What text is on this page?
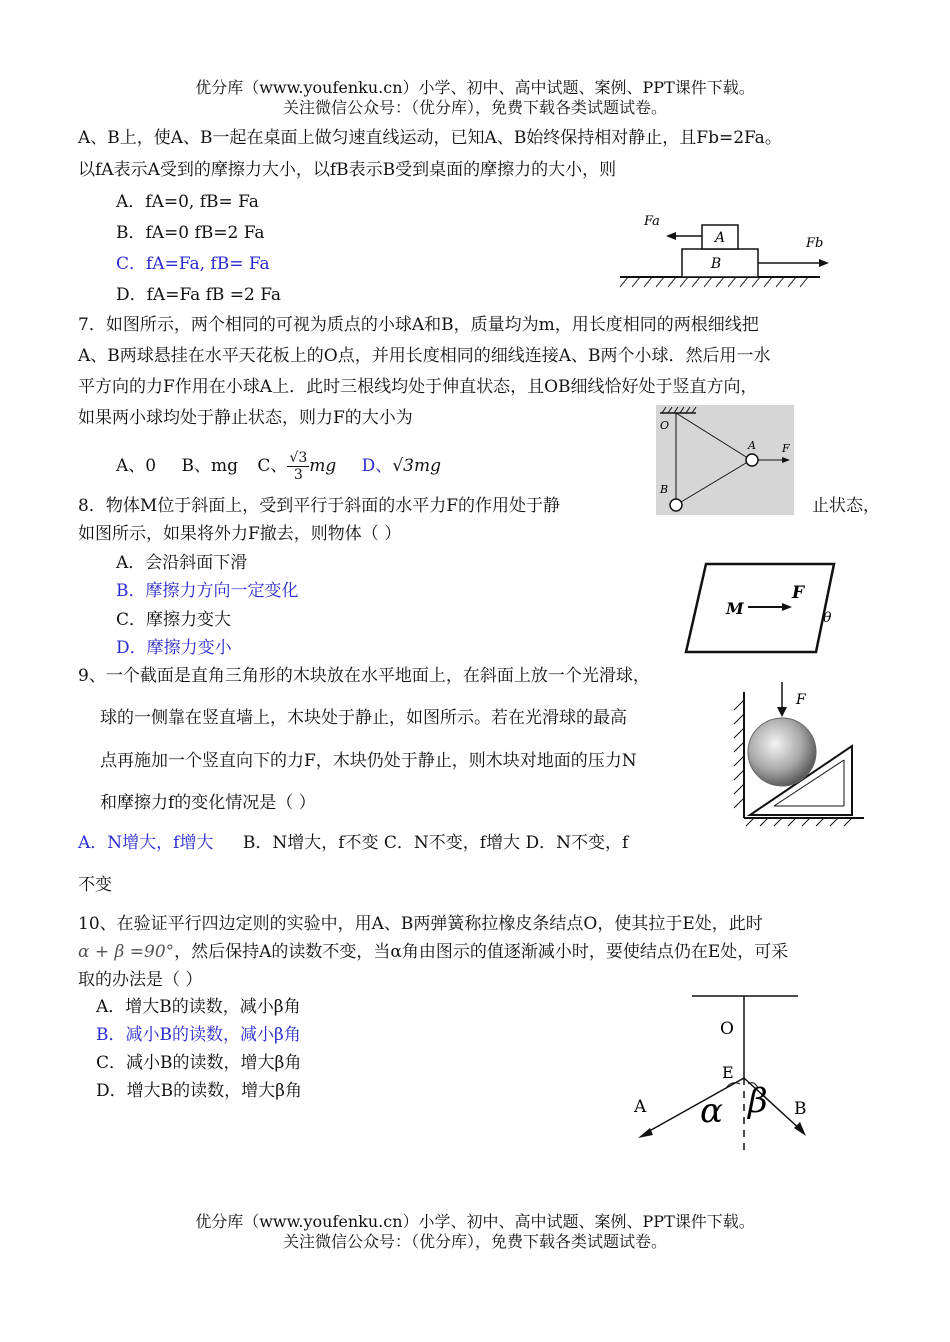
优分库（www.youfenku.cn）小学、初中、高中试题、案例、PPT课件下载。
关注微信公众号：（优分库），免费下载各类试题试卷。
A、B上，使A、B一起在桌面上做匀速直线运动，已知A、B始终保持相对静止，且Fb=2Fa。
以fA表示A受到的摩擦力大小，以fB表示B受到桌面的摩擦力的大小，则
A．fA=0, fB= Fa
B．fA=0 fB=2 Fa
C．fA=Fa, fB= Fa
D．fA=Fa fB =2 Fa
A
B
Fa
Fb
7．如图所示，两个相同的可视为质点的小球A和B，质量均为m，用长度相同的两根细线把
A、B两球悬挂在水平天花板上的O点，并用长度相同的细线连接A、B两个小球．然后用一水
平方向的力F作用在小球A上．此时三根线均处于伸直状态，且OB细线恰好处于竖直方向，
如果两小球均处于静止状态，则力F的大小为
A、0 B、mg C、 $\frac{√3}{3}$ mg D、√3mg
O
A
B
F
8．物体M位于斜面上，受到平行于斜面的水平力F的作用处于静	止状态，
如图所示，如果将外力F撤去，则物体（ ）
A．会沿斜面下滑
B．摩擦力方向一定变化
C．摩擦力变大
D．摩擦力变小
M
F
θ
9、一个截面是直角三角形的木块放在水平地面上，在斜面上放一个光滑球，
球的一侧靠在竖直墙上，木块处于静止，如图所示。若在光滑球的最高
点再施加一个竖直向下的力F，木块仍处于静止，则木块对地面的压力N
和摩擦力f的变化情况是（ ）
A．N增大，f增大 B．N增大，f不变 C．N不变，f增大 D．N不变，f
不变
F
10、在验证平行四边定则的实验中，用A、B两弹簧称拉橡皮条结点O，使其拉于E处，此时
α + β =90°，然后保持A的读数不变，当α角由图示的值逐渐减小时，要使结点仍在E处，可采
取的办法是（ ）
A．增大B的读数，减小β角
B．减小B的读数，减小β角
C．减小B的读数，增大β角
D．增大B的读数，增大β角
O
E
A	B
α β
优分库（www.youfenku.cn）小学、初中、高中试题、案例、PPT课件下载。
关注微信公众号：（优分库），免费下载各类试题试卷。
